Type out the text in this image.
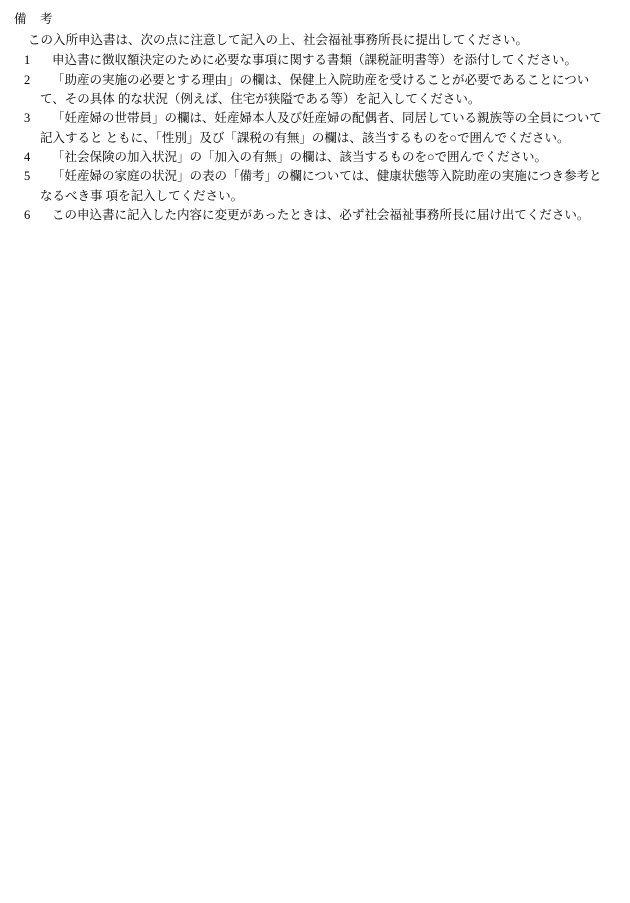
備　考
この入所申込書は、次の点に注意して記入の上、社会福祉事務所長に提出してください。
1	申込書に徴収額決定のために必要な事項に関する書類（課税証明書等）を添付してください。
2	「助産の実施の必要とする理由」の欄は、保健上入院助産を受けることが必要であることについて、その具体 的な状況（例えば、住宅が狭隘である等）を記入してください。
3	「妊産婦の世帯員」の欄は、妊産婦本人及び妊産婦の配偶者、同居している親族等の全員について記入すると ともに、「性別」及び「課税の有無」の欄は、該当するものを○で囲んでください。
4	「社会保険の加入状況」の「加入の有無」の欄は、該当するものを○で囲んでください。
5	「妊産婦の家庭の状況」の表の「備考」の欄については、健康状態等入院助産の実施につき参考となるべき事 項を記入してください。
6	この申込書に記入した内容に変更があったときは、必ず社会福祉事務所長に届け出てください。
